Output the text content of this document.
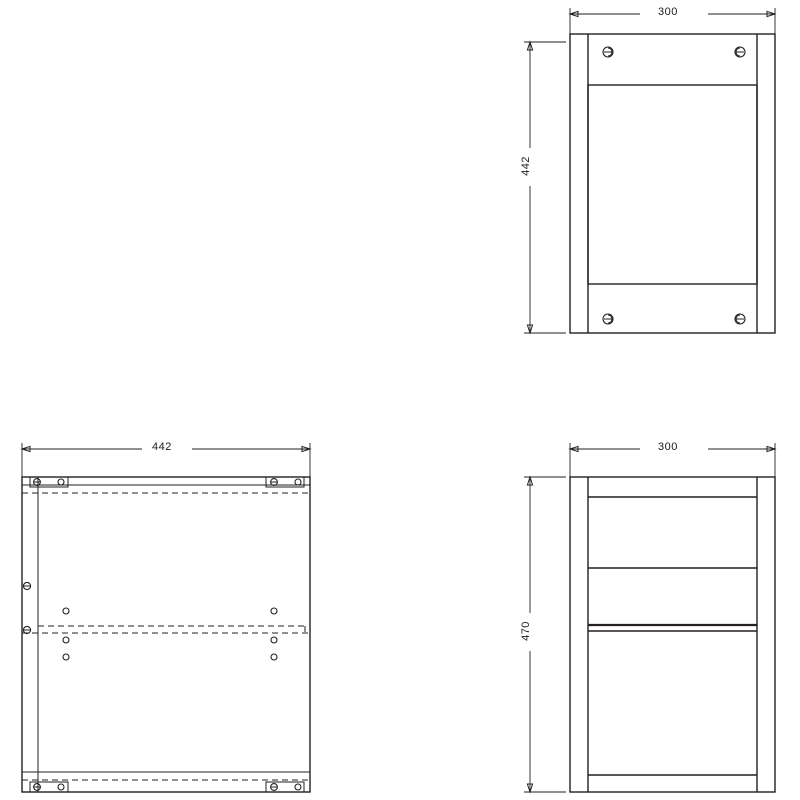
300
442
442	300
470
